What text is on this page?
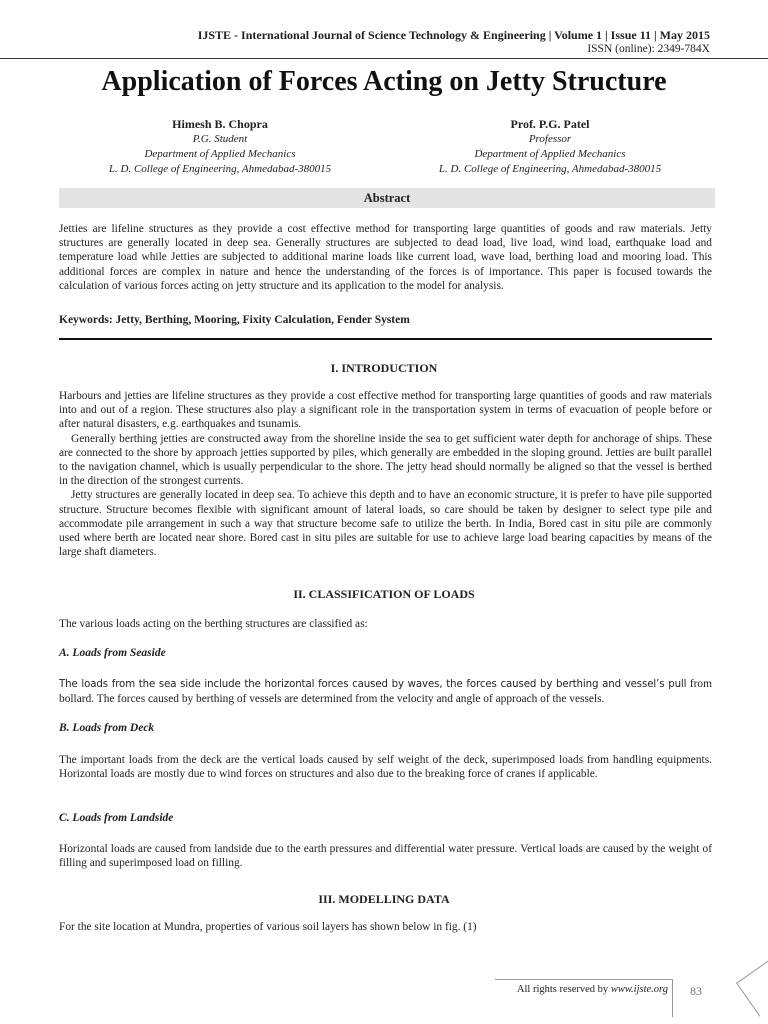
IJSTE - International Journal of Science Technology & Engineering | Volume 1 | Issue 11 | May 2015
ISSN (online): 2349-784X
Application of Forces Acting on Jetty Structure
Himesh B. Chopra
P.G. Student
Department of Applied Mechanics
L. D. College of Engineering, Ahmedabad-380015
Prof. P.G. Patel
Professor
Department of Applied Mechanics
L. D. College of Engineering, Ahmedabad-380015
Abstract

Jetties are lifeline structures as they provide a cost effective method for transporting large quantities of goods and raw materials. Jetty structures are generally located in deep sea. Generally structures are subjected to dead load, live load, wind load, earthquake load and temperature load while Jetties are subjected to additional marine loads like current load, wave load, berthing load and mooring load. This additional forces are complex in nature and hence the understanding of the forces is of importance. This paper is focused towards the calculation of various forces acting on jetty structure and its application to the model for analysis.

Keywords: Jetty, Berthing, Mooring, Fixity Calculation, Fender System
I. INTRODUCTION

Harbours and jetties are lifeline structures as they provide a cost effective method for transporting large quantities of goods and raw materials into and out of a region. These structures also play a significant role in the transportation system in terms of evacuation of people before or after natural disasters, e.g. earthquakes and tsunamis.

Generally berthing jetties are constructed away from the shoreline inside the sea to get sufficient water depth for anchorage of ships. These are connected to the shore by approach jetties supported by piles, which generally are embedded in the sloping ground. Jetties are built parallel to the navigation channel, which is usually perpendicular to the shore. The jetty head should normally be aligned so that the vessel is berthed in the direction of the strongest currents.

Jetty structures are generally located in deep sea. To achieve this depth and to have an economic structure, it is prefer to have pile supported structure. Structure becomes flexible with significant amount of lateral loads, so care should be taken by designer to select type pile and accommodate pile arrangement in such a way that structure become safe to utilize the berth. In India, Bored cast in situ pile are commonly used where berth are located near shore. Bored cast in situ piles are suitable for use to achieve large load bearing capacities by means of the large shaft diameters.

II. CLASSIFICATION OF LOADS

The various loads acting on the berthing structures are classified as:

A. Loads from Seaside

The loads from the sea side include the horizontal forces caused by waves, the forces caused by berthing and vessel’s pull from bollard. The forces caused by berthing of vessels are determined from the velocity and angle of approach of the vessels.

B. Loads from Deck

The important loads from the deck are the vertical loads caused by self weight of the deck, superimposed loads from handling equipments. Horizontal loads are mostly due to wind forces on structures and also due to the breaking force of cranes if applicable.

C. Loads from Landside

Horizontal loads are caused from landside due to the earth pressures and differential water pressure. Vertical loads are caused by the weight of filling and superimposed load on filling.

III. MODELLING DATA

For the site location at Mundra, properties of various soil layers has shown below in fig. (1)

All rights reserved by www.ijste.org 83
